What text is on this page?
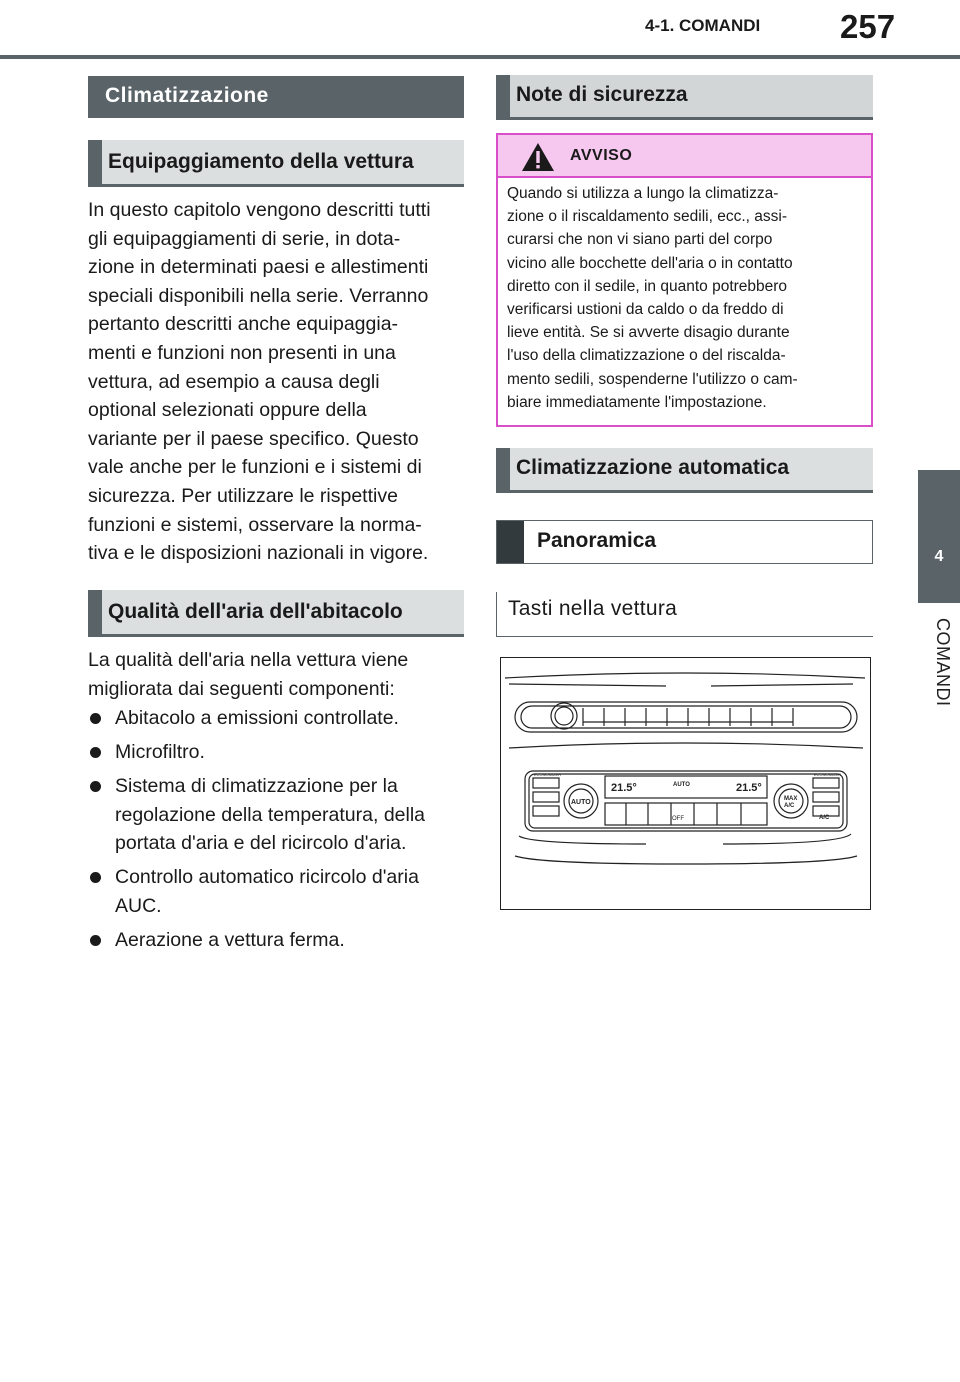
4-1. COMANDI 257
4
COMANDI
Climatizzazione
Equipaggiamento della vettura

In questo capitolo vengono descritti tutti
gli equipaggiamenti di serie, in dota-
zione in determinati paesi e allestimenti
speciali disponibili nella serie. Verranno
pertanto descritti anche equipaggia-
menti e funzioni non presenti in una
vettura, ad esempio a causa degli
optional selezionati oppure della
variante per il paese specifico. Questo
vale anche per le funzioni e i sistemi di
sicurezza. Per utilizzare le rispettive
funzioni e sistemi, osservare la norma-
tiva e le disposizioni nazionali in vigore.

Qualità dell'aria dell'abitacolo

La qualità dell'aria nella vettura viene
migliorata dai seguenti componenti:

Abitacolo a emissioni controllate.
Microfiltro.
Sistema di climatizzazione per la
regolazione della temperatura, della
portata d'aria e del ricircolo d'aria.
Controllo automatico ricircolo d'aria
AUC.
Aerazione a vettura ferma.
Note di sicurezza
AVVISO

Quando si utilizza a lungo la climatizza-
zione o il riscaldamento sedili, ecc., assi-
curarsi che non vi siano parti del corpo
vicino alle bocchette dell'aria o in contatto
diretto con il sedile, in quanto potrebbero
verificarsi ustioni da caldo o da freddo di
lieve entità. Se si avverte disagio durante
l'uso della climatizzazione o del riscalda-
mento sedili, sospenderne l'utilizzo o cam-
biare immediatamente l'impostazione.

Climatizzazione automatica
Panoramica
Tasti nella vettura
21.5°	21.5°
AUTO
AUTO	MAX
A/C
OFF	A/C
ECONOMIZER	ECONOMIZER
